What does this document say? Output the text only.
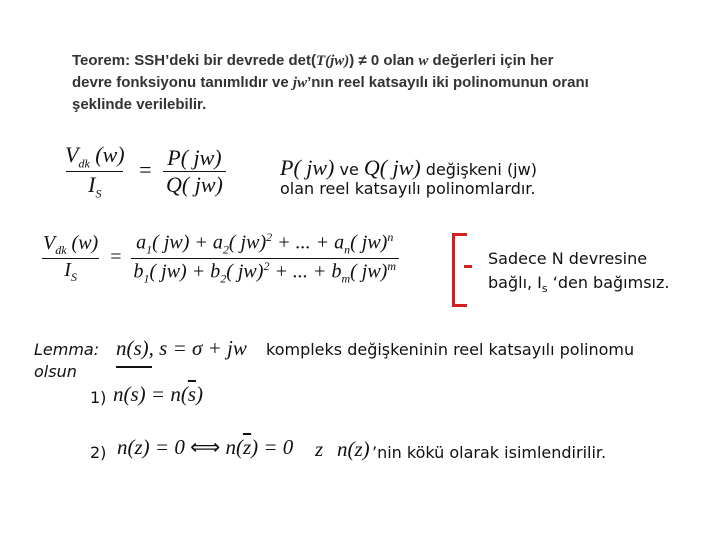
Teorem: SSH’deki bir devrede det(T(jw)) ≠ 0 olan w değerleri için her devre fonksiyonu tanımlıdır ve jw’nın reel katsayılı iki polinomunun oranı şeklinde verilebilir.
$\frac{V_{dk} (w)}{I_S} = \frac{P( jw)}{Q( jw)} P$( jw) ve Q( jw) değişkeni (jw)
olan reel katsayılı polinomlardır.
$\frac{V_{dk} (w)}{I_S} = \frac{a_1( jw) + a_2( jw)^2 + ... + a_n( jw)^n}{b_1( jw) + b_2( jw)^2 + ... + b_m( jw)^m}$	Sadece N devresine
bağlı, $I_s$ ‘den bağımsız.
Lemma:
olsun
n(s), s = σ + jw kompleks değişkeninin reel katsayılı polinomu
1) $n(s) = n(\overline{s})$
2) n(z) = 0 ⟺ $n(\overline{z}) = 0$ z n(z) ’nin kökü olarak isimlendirilir.
